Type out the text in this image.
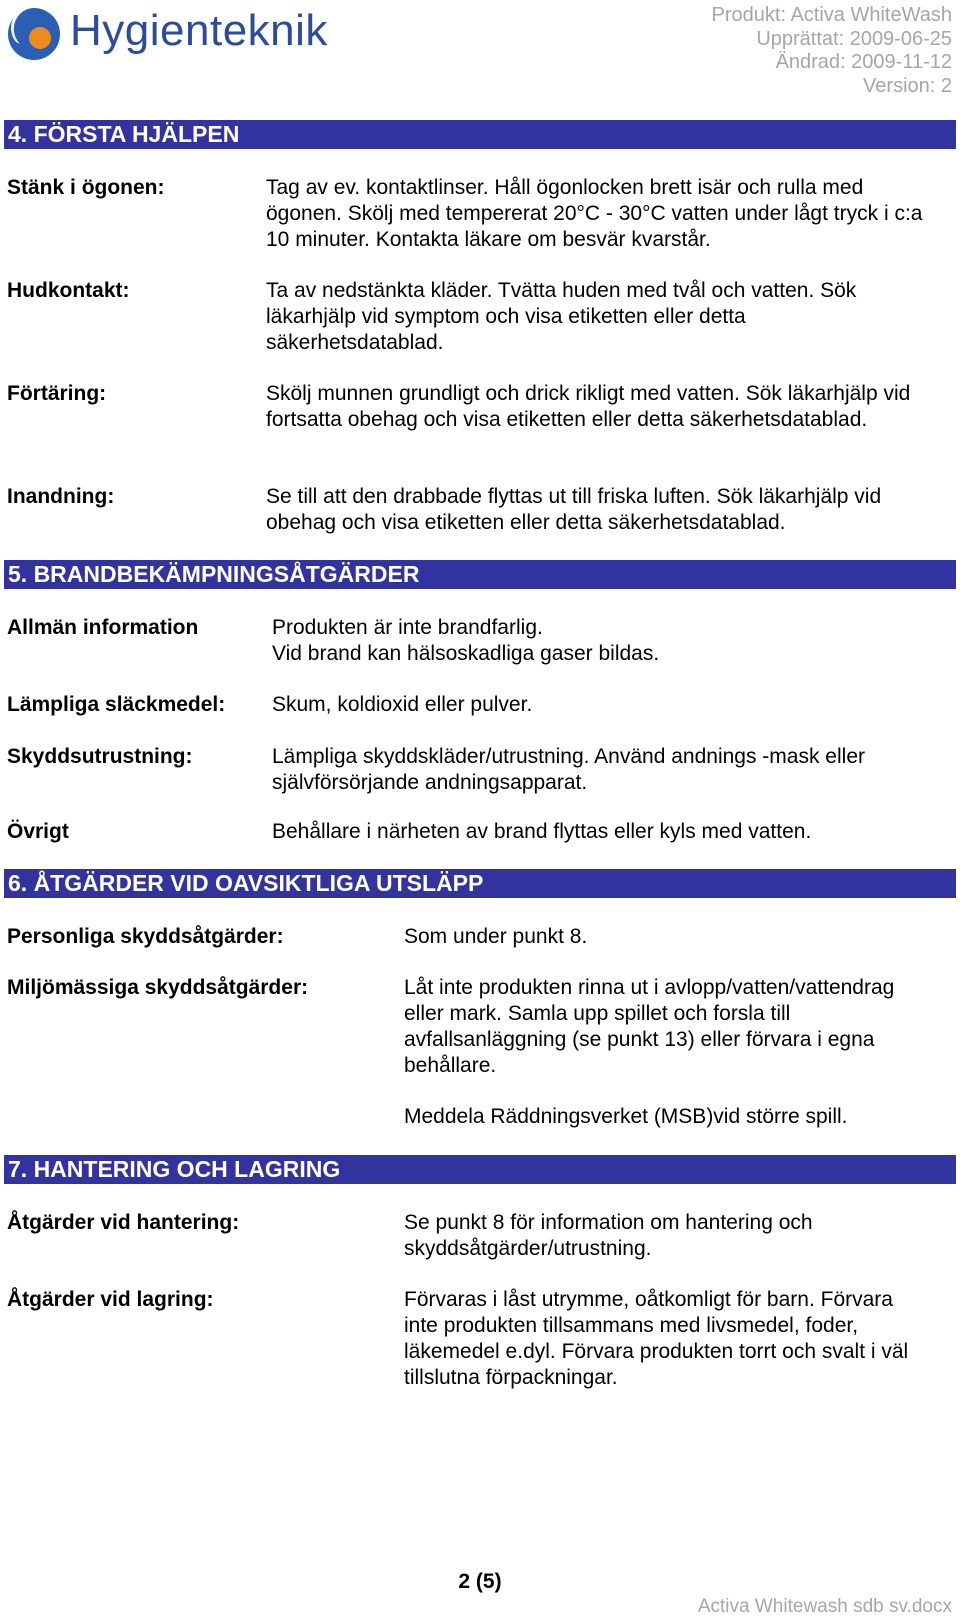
Hygienteknik	Produkt: Activa WhiteWash
Upprättat: 2009-06-25
Ändrad: 2009-11-12
Version: 2
4. FÖRSTA HJÄLPEN
Stänk i ögonen:	Tag av ev. kontaktlinser. Håll ögonlocken brett isär och rulla med ögonen. Skölj med tempererat 20°C - 30°C vatten under lågt tryck i c:a 10 minuter. Kontakta läkare om besvär kvarstår.
Hudkontakt:	Ta av nedstänkta kläder. Tvätta huden med tvål och vatten. Sök läkarhjälp vid symptom och visa etiketten eller detta säkerhetsdatablad.
Förtäring:	Skölj munnen grundligt och drick rikligt med vatten. Sök läkarhjälp vid fortsatta obehag och visa etiketten eller detta säkerhetsdatablad.
Inandning:	Se till att den drabbade flyttas ut till friska luften. Sök läkarhjälp vid obehag och visa etiketten eller detta säkerhetsdatablad.
5. BRANDBEKÄMPNINGSÅTGÄRDER
Allmän information	Produkten är inte brandfarlig.
Vid brand kan hälsoskadliga gaser bildas.
Lämpliga släckmedel: Skum, koldioxid eller pulver.
Skyddsutrustning:	Lämpliga skyddskläder/utrustning. Använd andnings -mask eller självförsörjande andningsapparat.
Övrigt	Behållare i närheten av brand flyttas eller kyls med vatten.
6. ÅTGÄRDER VID OAVSIKTLIGA UTSLÄPP
Personliga skyddsåtgärder:	Som under punkt 8.
Miljömässiga skyddsåtgärder:	Låt inte produkten rinna ut i avlopp/vatten/vattendrag eller mark. Samla upp spillet och forsla till avfallsanläggning (se punkt 13) eller förvara i egna behållare.
Meddela Räddningsverket (MSB)vid större spill.
7. HANTERING OCH LAGRING
Åtgärder vid hantering:	Se punkt 8 för information om hantering och skyddsåtgärder/utrustning.
Åtgärder vid lagring:	Förvaras i låst utrymme, oåtkomligt för barn. Förvara inte produkten tillsammans med livsmedel, foder, läkemedel e.dyl. Förvara produkten torrt och svalt i väl tillslutna förpackningar.
2 (5)
Activa Whitewash sdb sv.docx
